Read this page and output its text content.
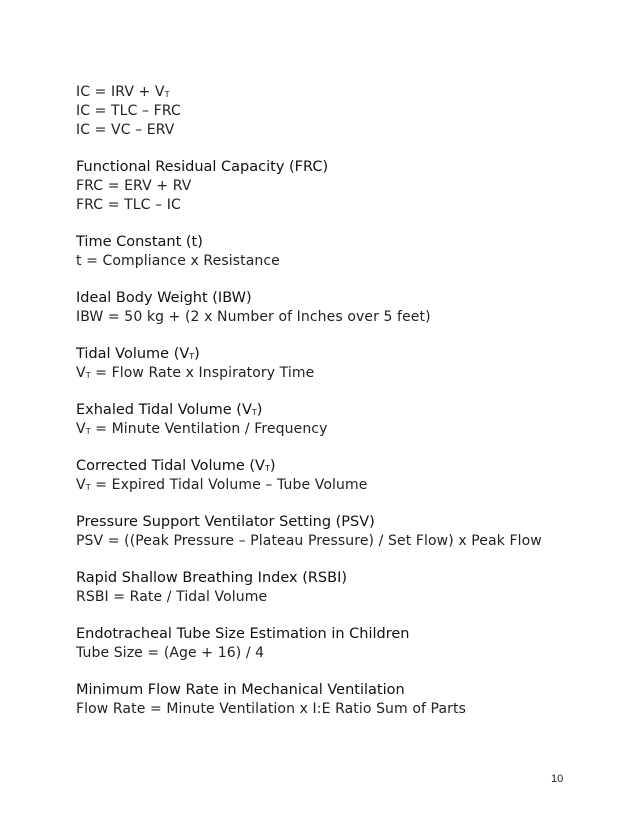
IC = IRV + $V_T$
IC = TLC – FRC
IC = VC – ERV
Functional Residual Capacity (FRC)
FRC = ERV + RV
FRC = TLC – IC
Time Constant (t)
t = Compliance x Resistance
Ideal Body Weight (IBW)
IBW = 50 kg + (2 x Number of Inches over 5 feet)
Tidal Volume $(V_T)$
$V_T$ = Flow Rate x Inspiratory Time
Exhaled Tidal Volume $(V_T)$
$V_T$ = Minute Ventilation / Frequency
Corrected Tidal Volume $(V_T)$
$V_T$ = Expired Tidal Volume – Tube Volume
Pressure Support Ventilator Setting (PSV)
PSV = ((Peak Pressure – Plateau Pressure) / Set Flow) x Peak Flow
Rapid Shallow Breathing Index (RSBI)
RSBI = Rate / Tidal Volume
Endotracheal Tube Size Estimation in Children
Tube Size = (Age + 16) / 4
Minimum Flow Rate in Mechanical Ventilation
Flow Rate = Minute Ventilation x I:E Ratio Sum of Parts
10
